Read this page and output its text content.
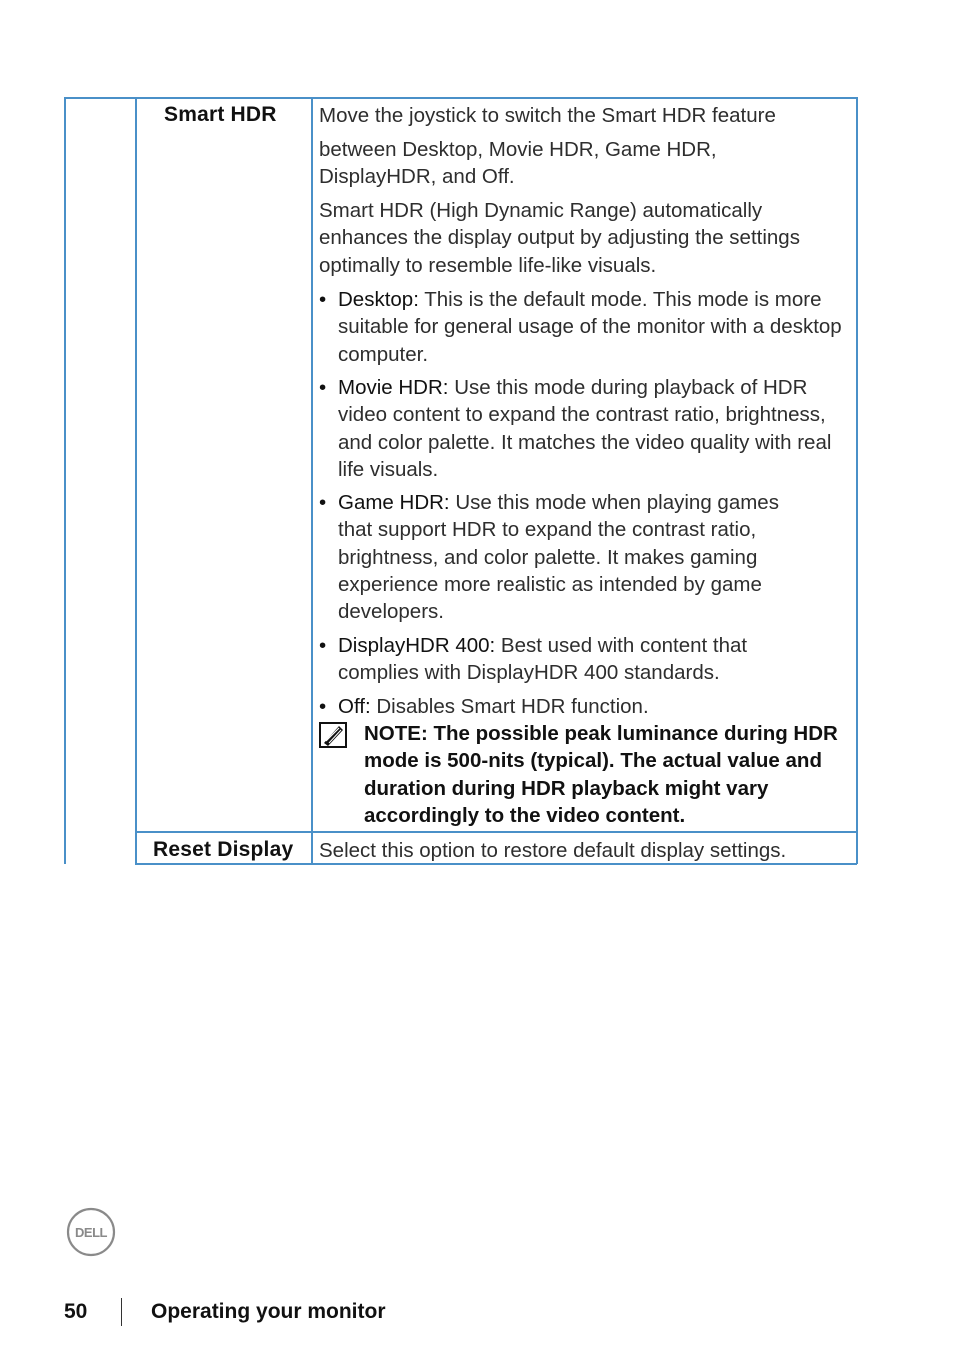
Smart HDR Move the joystick to switch the Smart HDR feature
between Desktop, Movie HDR, Game HDR, DisplayHDR, and Off.
Smart HDR (High Dynamic Range) automatically enhances the display output by adjusting the settings optimally to resemble life-like visuals.
• Desktop: This is the default mode. This mode is more suitable for general usage of the monitor with a desktop computer.
• Movie HDR: Use this mode during playback of HDR video content to expand the contrast ratio, brightness, and color palette. It matches the video quality with real life visuals.
• Game HDR: Use this mode when playing games that support HDR to expand the contrast ratio, brightness, and color palette. It makes gaming experience more realistic as intended by game developers.
• DisplayHDR 400: Best used with content that complies with DisplayHDR 400 standards.
• Off: Disables Smart HDR function.
NOTE: The possible peak luminance during HDR mode is 500-nits (typical). The actual value and duration during HDR playback might vary accordingly to the video content.
Reset Display Select this option to restore default display settings.
DELL
50	Operating your monitor
